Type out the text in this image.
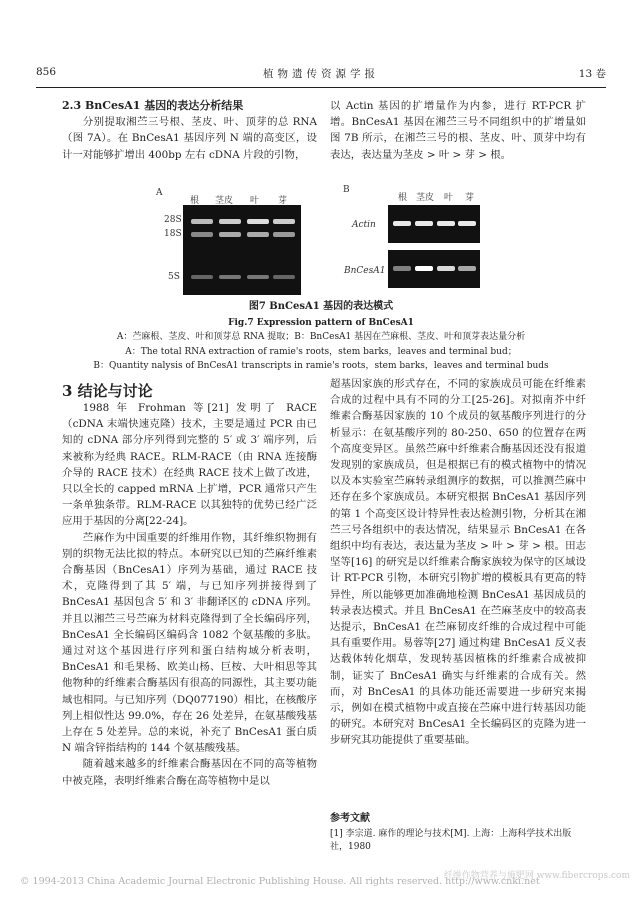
856	植物遗传资源学报	13 卷

2.3 BnCesA1 基因的表达分析结果

分别提取湘苎三号根、茎皮、叶、顶芽的总 RNA（图 7A）。在 BnCesA1 基因序列 N 端的高变区，设计一对能够扩增出 400bp 左右 cDNA 片段的引物，

以 Actin 基因的扩增量作为内参，进行 RT-PCR 扩增。BnCesA1 基因在湘苎三号不同组织中的扩增量如图 7B 所示，在湘苎三号的根、茎皮、叶、顶芽中均有表达，表达量为茎皮 > 叶 > 芽 > 根。

A
根 茎皮 叶 芽
28S
18S
5S
B
根 茎皮 叶 芽
Actin
BnCesA1
图7 BnCesA1 基因的表达模式
Fig.7 Expression pattern of BnCesA1
A：苎麻根、茎皮、叶和顶芽总 RNA 提取；B：BnCesA1 基因在苎麻根、茎皮、叶和顶芽表达量分析
A：The total RNA extraction of ramie's roots，stem barks，leaves and terminal bud；
B：Quantity nalysis of BnCesA1 transcripts in ramie's roots，stem barks，leaves and terminal buds
3 结论与讨论

1988 年 Frohman 等[21] 发明了 RACE（cDNA 末端快速克隆）技术，主要是通过 PCR 由已知的 cDNA 部分序列得到完整的 5′ 或 3′ 端序列，后来被称为经典 RACE。RLM-RACE（由 RNA 连接酶介导的 RACE 技术）在经典 RACE 技术上做了改进，只以全长的 capped mRNA 上扩增，PCR 通常只产生一条单独条带。RLM-RACE 以其独特的优势已经广泛应用于基因的分离[22-24]。

苎麻作为中国重要的纤维用作物，其纤维织物拥有别的织物无法比拟的特点。本研究以已知的苎麻纤维素合酶基因（BnCesA1）序列为基础，通过 RACE 技术，克隆得到了其 5′ 端，与已知序列拼接得到了 BnCesA1 基因包含 5′ 和 3′ 非翻译区的 cDNA 序列。并且以湘苎三号苎麻为材料克隆得到了全长编码序列，BnCesA1 全长编码区编码含 1082 个氨基酸的多肽。通过对这个基因进行序列和蛋白结构域分析表明，BnCesA1 和毛果杨、欧美山杨、巨桉、大叶相思等其他物种的纤维素合酶基因有很高的同源性，其主要功能域也相同。与已知序列（DQ077190）相比，在核酸序列上相似性达 99.0%，存在 26 处差异，在氨基酸残基上存在 5 处差异。总的来说，补充了 BnCesA1 蛋白质 N 端含锌指结构的 144 个氨基酸残基。

随着越来越多的纤维素合酶基因在不同的高等植物中被克隆，表明纤维素合酶在高等植物中是以

超基因家族的形式存在，不同的家族成员可能在纤维素合成的过程中具有不同的分工[25-26]。对拟南芥中纤维素合酶基因家族的 10 个成员的氨基酸序列进行的分析显示：在氨基酸序列的 80-250、650 的位置存在两个高度变异区。虽然苎麻中纤维素合酶基因还没有报道发现别的家族成员，但是根据已有的模式植物中的情况以及本实验室苎麻转录组测序的数据，可以推测苎麻中还存在多个家族成员。本研究根据 BnCesA1 基因序列的第 1 个高变区设计特异性表达检测引物，分析其在湘苎三号各组织中的表达情况，结果显示 BnCesA1 在各组织中均有表达，表达量为茎皮 > 叶 > 芽 > 根。田志坚等[16] 的研究是以纤维素合酶家族较为保守的区域设计 RT-PCR 引物，本研究引物扩增的模板具有更高的特异性，所以能够更加准确地检测 BnCesA1 基因成员的转录表达模式。并且 BnCesA1 在苎麻茎皮中的较高表达提示，BnCesA1 在苎麻韧皮纤维的合成过程中可能具有重要作用。易蓉等[27] 通过构建 BnCesA1 反义表达载体转化烟草，发现转基因植株的纤维素合成被抑制，证实了 BnCesA1 确实与纤维素的合成有关。然而，对 BnCesA1 的具体功能还需要进一步研究来揭示，例如在模式植物中或直接在苎麻中进行转基因功能的研究。本研究对 BnCesA1 全长编码区的克隆为进一步研究其功能提供了重要基础。

参考文献
[1] 李宗道. 麻作的理论与技术[M]. 上海：上海科学技术出版社，1980
© 1994-2013 China Academic Journal Electronic Publishing House. All rights reserved. http://www.cnki.net
纤维作物营养与施肥网 www.fibercrops.com
